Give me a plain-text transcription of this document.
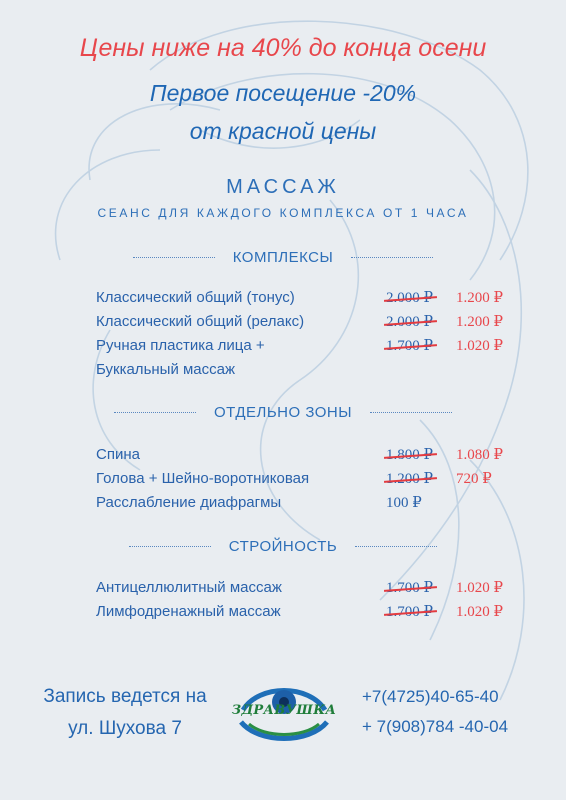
Цены ниже на 40% до конца осени
Первое посещение -20%
от красной цены
МАССАЖ
СЕАНС ДЛЯ КАЖДОГО КОМПЛЕКСА ОТ 1 ЧАСА
КОМПЛЕКСЫ
Классический общий (тонус)	2.000 ₽ 1.200 ₽
Классический общий (релакс)	2.000 ₽ 1.200 ₽
Ручная пластика лица +	1.700 ₽ 1.020 ₽
Буккальный массаж
ОТДЕЛЬНО ЗОНЫ
Спина	1.800 ₽ 1.080 ₽
Голова + Шейно-воротниковая	1.200 ₽ 720 ₽
Расслабление диафрагмы	100 ₽
СТРОЙНОСТЬ
Антицеллюлитный массаж	1.700 ₽ 1.020 ₽
Лимфодренажный массаж	1.700 ₽ 1.020 ₽
Запись ведется на
ул. Шухова 7
ЗДРАВУШКА
+7(4725)40-65-40
+ 7(908)784 -40-04
